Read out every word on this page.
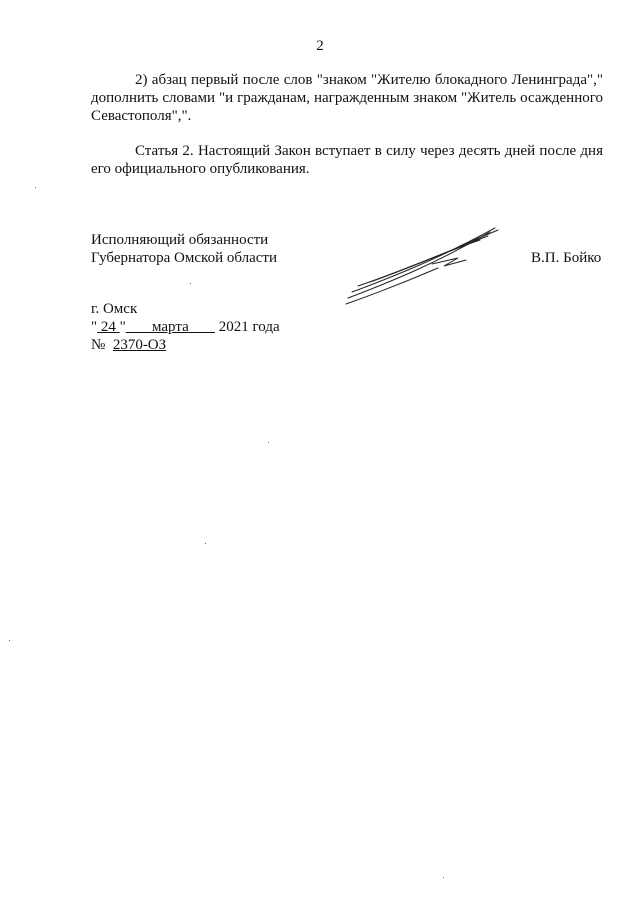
2

2) абзац первый после слов "знаком "Жителю блокадного Ленинграда"," дополнить словами "и гражданам, награжденным знаком "Житель осажденного Севастополя",".

Статья 2. Настоящий Закон вступает в силу через десять дней после дня его официального опубликования.

Исполняющий обязанности
Губернатора Омской области	В.П. Бойко
г. Омск
" 24 " марта 2021 года
№ 2370-ОЗ
